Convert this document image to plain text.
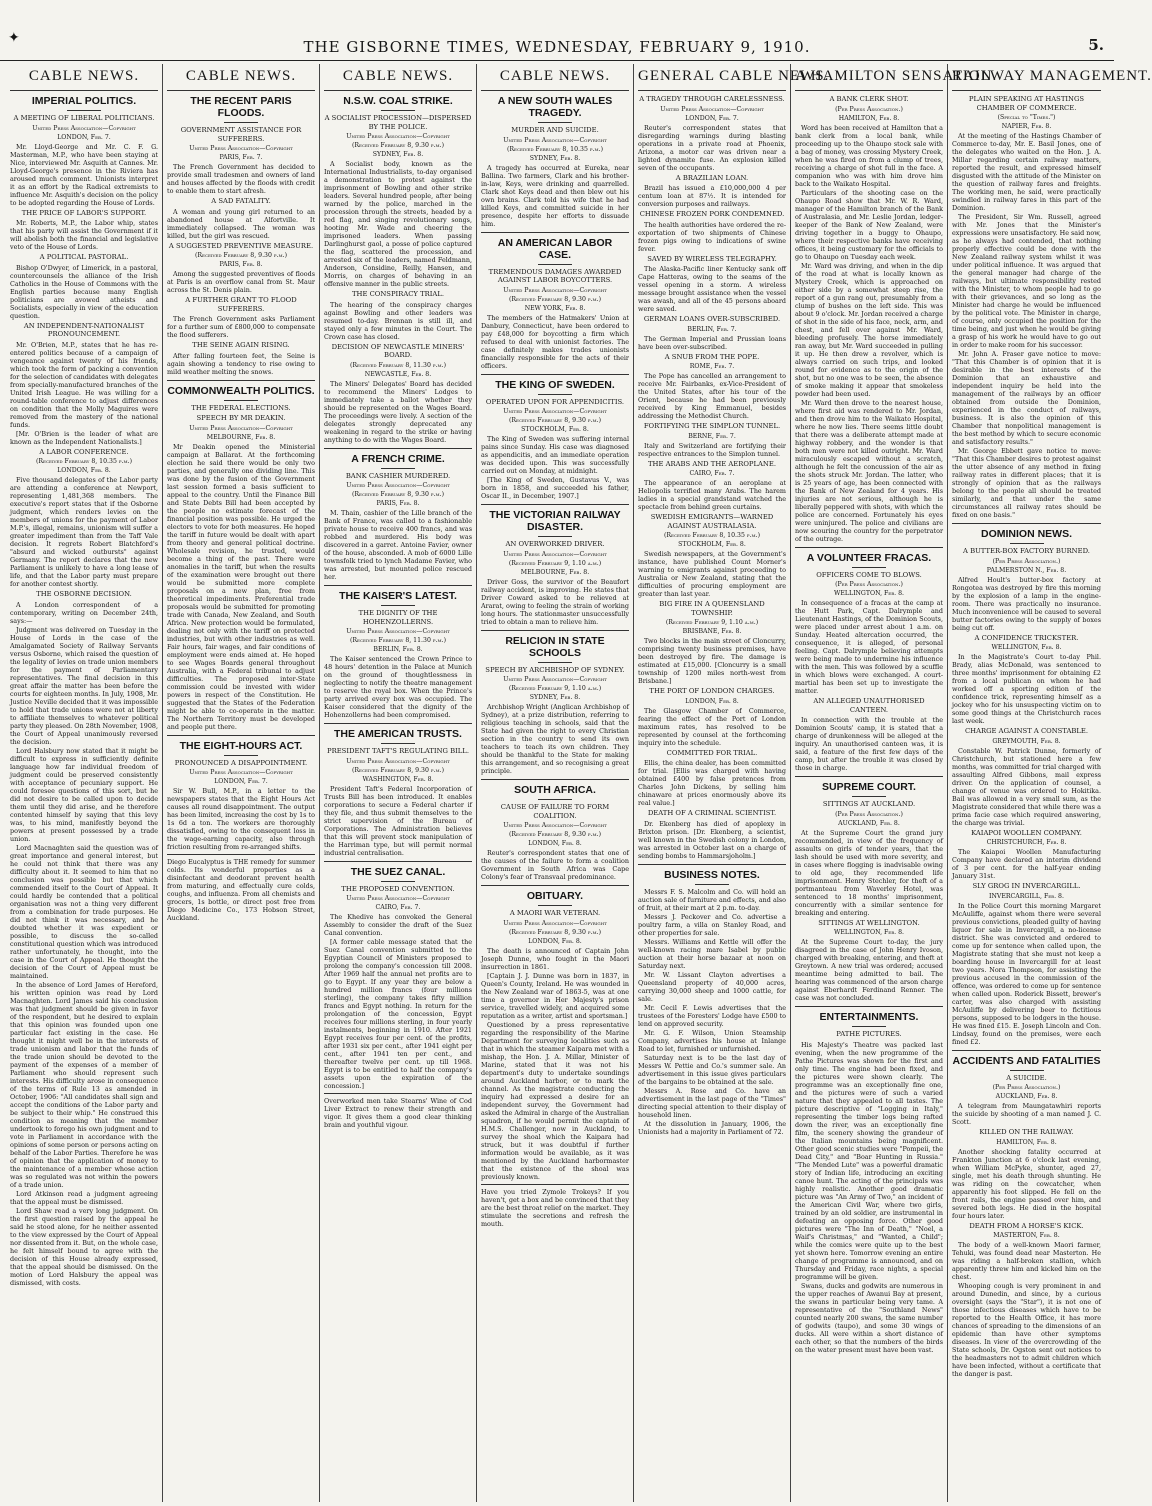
✦	THE GISBORNE TIMES, WEDNESDAY, FEBRUARY 9, 1910.	5.
CABLE NEWS.
IMPERIAL POLITICS.
A MEETING OF LIBERAL POLITICIANS.
United Press Association—Copyright
LONDON, Feb. 7.
Mr. Lloyd-George and Mr. C. F. G. Masterman, M.P., who have been staying at Nice, interviewed Mr. Asquith at Cannes. Mr. Lloyd-George's presence in the Riviera has aroused much comment. Unionists interpret it as an effort by the Radical extremists to influence Mr. Asquith's decision on the policy to be adopted regarding the House of Lords.
THE PRICE OF LABOR'S SUPPORT.
Mr. Roberts, M.P., the Labor whip, states that his party will assist the Government if it will abolish both the financial and legislative veto of the House of Lords.
A POLITICAL PASTORAL.
Bishop O'Dwyer, of Limerick, in a pastoral, countercounsels the alliance of the Irish Catholics in the House of Commons with the English parties because many English politicians are avowed atheists and Socialists, especially in view of the education question.
AN INDEPENDENT-NATIONALIST PRONOUNCEMENT.
Mr. O'Brien, M.P., states that he has re-entered politics because of a campaign of vengeance against twenty of his friends, which took the form of packing a convention for the selection of candidates with delegates from specially-manufactured branches of the United Irish League. He was willing for a round-table conference to adjust differences on condition that the Molly Maguires were removed from the mastery of the national funds.
[Mr. O'Brien is the leader of what are known as the Independent Nationalists.]
A LABOR CONFERENCE.
(Received February 8, 10.35 p.m.)
LONDON, Feb. 8.
Five thousand delegates of the Labor party are attending a conference at Newport, representing 1,481,368 members. The executive's report states that if the Osborne judgment, which renders levies on the members of unions for the payment of Labor M.P.'s, illegal, remains, unionism will suffer a greater impediment than from the Taff Vale decision. It regrets Robert Blatchford's "absurd and wicked outbursts" against Germany. The report declares that the new Parliament is unlikely to have a long lease of life, and that the Labor party must prepare for another contest shortly.
THE OSBORNE DECISION.
A London correspondent of a contemporary, writing on December 24th, says:—
Judgment was delivered on Tuesday in the House of Lords in the case of the Amalgamated Society of Railway Servants versus Osborne, which raised the question of the legality of levies on trade union members for the payment of Parliamentary representatives. The final decision in this great affair the matter has been before the courts for eighteen months. In July, 1908, Mr. Justice Neville decided that it was impossible to hold that trade unions were not at liberty to affiliate themselves to whatever political party they pleased. On 28th November, 1908, the Court of Appeal unanimously reversed the decision.
Lord Halsbury now stated that it might be difficult to express in sufficiently definite language how far individual freedom of judgment could be preserved consistently with acceptance of pecuniary support. He could foresee questions of this sort, but he did not desire to be called upon to decide them until they did arise, and he therefore contented himself by saying that this levy was, to his mind, manifestly beyond the powers at present possessed by a trade union.
Lord Macnaghten said the question was of great importance and general interest, but he could not think that there was any difficulty about it. It seemed to him that no conclusion was possible but that which commended itself to the Court of Appeal. It could hardly be contended that a political organisation was not a thing very different from a combination for trade purposes. He did not think it was necessary, and he doubted whether it was expedient or possible, to discuss the so-called constitutional question which was introduced rather unfortunately, he thought, into the case in the Court of Appeal. He thought the decision of the Court of Appeal must be maintained.
In the absence of Lord James of Hereford, his written opinion was read by Lord Macnaghten. Lord James said his conclusion was that judgment should be given in favor of the respondent, but he desired to explain that this opinion was founded upon one particular fact existing in the case. He thought it might well be in the interests of trade unionism and labor that the funds of the trade union should be devoted to the payment of the expenses of a member of Parliament who should represent such interests. His difficulty arose in consequence of the terms of Rule 13 as amended in October, 1906: "All candidates shall sign and accept the conditions of the Labor party and be subject to their whip." He construed this condition as meaning that the member undertook to forego his own judgment and to vote in Parliament in accordance with the opinions of some person or persons acting on behalf of the Labor Parties. Therefore he was of opinion that the application of money to the maintenance of a member whose action was so regulated was not within the powers of a trade union.
Lord Atkinson read a judgment agreeing that the appeal must be dismissed.
Lord Shaw read a very long judgment. On the first question raised by the appeal he said he stood alone, for he neither assented to the view expressed by the Court of Appeal nor dissented from it. But, on the whole case, he felt himself bound to agree with the decision of this House already expressed, that the appeal should be dismissed. On the motion of Lord Halsbury the appeal was dismissed, with costs.
CABLE NEWS.
THE RECENT PARIS FLOODS.
GOVERNMENT ASSISTANCE FOR SUFFERERS.
United Press Association—Copyright
PARIS, Feb. 7.
The French Government has decided to provide small tradesmen and owners of land and houses affected by the floods with credit to enable them to start afresh.
A SAD FATALITY.
A woman and young girl returned to an abandoned house at Alfortville. It immediately collapsed. The woman was killed, but the girl was rescued.
A SUGGESTED PREVENTIVE MEASURE.
(Received February 8, 9.30 p.m.)
PARIS, Feb. 8.
Among the suggested preventives of floods at Paris is an overflow canal from St. Maur across the St. Denis plain.
A FURTHER GRANT TO FLOOD SUFFERERS.
The French Government asks Parliament for a further sum of £800,000 to compensate the flood sufferers.
THE SEINE AGAIN RISING.
After falling fourteen feet, the Seine is again showing a tendency to rise owing to mild weather melting the snows.
COMMONWEALTH POLITICS.
THE FEDERAL ELECTIONS.
SPEECH BY MR DEAKIN.
United Press Association—Copyright
MELBOURNE, Feb. 8.
Mr Deakin opened the Ministerial campaign at Ballarat. At the forthcoming election he said there would be only two parties, and generally one dividing line. This was done by the fusion of the Government last session formed a basis sufficient to appeal to the country. Until the Finance Bill and State Debts Bill had been accepted by the people no estimate forecast of the financial position was possible. He urged the electors to vote for both measures. He hoped the tariff in future would be dealt with apart from theory and general political doctrine. Wholesale revision, he trusted, would become a thing of the past. There were anomalies in the tariff, but when the results of the examination were brought out there would be submitted more complete proposals on a new plan, free from theoretical impediments. Preferential trade proposals would be submitted for promoting trade with Canada, New Zealand, and South Africa. New protection would be formulated, dealing not only with the tariff on protected industries, but with other industries as well. Fair hours, fair wages, and fair conditions of employment were ends aimed at. He hoped to see Wages Boards general throughout Australia, with a Federal tribunal to adjust difficulties. The proposed inter-State commission could be invested with wider powers in respect of the Constitution. He suggested that the States of the Federation might be able to co-operate in the matter. The Northern Territory must be developed and people put there.
THE EIGHT-HOURS ACT.
PRONOUNCED A DISAPPOINTMENT.
United Press Association—Copyright
LONDON, Feb. 7.
Sir W. Bull, M.P., in a letter to the newspapers states that the Eight Hours Act causes all round disappointment. The output has been limited, increasing the cost by 1s to 1s 6d a ton. The workers are thoroughly dissatisfied, owing to the consequent loss in the wage-earning capacity, also through friction resulting from re-arranged shifts.
Diego Eucalyptus is THE remedy for summer colds. Its wonderful properties as a disinfectant and deodorant prevent health from maturing, and effectually cure colds, coughs, and influenza. From all chemists and grocers, 1s bottle, or direct post free from Diego Medicine Co., 173 Hobson Street, Auckland.
CABLE NEWS.
N.S.W. COAL STRIKE.
A SOCIALIST PROCESSION—DISPERSED BY THE POLICE.
United Press Association—Copyright
(Received February 8, 9.30 p.m.)
SYDNEY, Feb. 8.
A Socialist body, known as the International Industrialists, to-day organised a demonstration to protest against the imprisonment of Bowling and other strike leaders. Several hundred people, after being warned by the police, marched in the procession through the streets, headed by a red flag, and singing revolutionary songs, hooting Mr. Wade and cheering the imprisoned leaders. When passing Darlinghurst gaol, a posse of police captured the flag, scattered the procession, and arrested six of the leaders, named Feldmann, Anderson, Considine, Reilly, Hansen, and Morris, on charges of behaving in an offensive manner in the public streets.
THE CONSPIRACY TRIAL.
The hearing of the conspiracy charges against Bowling and other leaders was resumed to-day. Brennan is still ill, and stayed only a few minutes in the Court. The Crown case has closed.
DECISION OF NEWCASTLE MINERS' BOARD.
(Received February 8, 11.30 p.m.)
NEWCASTLE, Feb. 8.
The Miners' Delegates' Board has decided to recommend the Miners' Lodges to immediately take a ballot whether they should be represented on the Wages Board. The proceedings were lively. A section of the delegates strongly deprecated any weakening in regard to the strike or having anything to do with the Wages Board.
A FRENCH CRIME.
BANK CASHIER MURDERED.
United Press Association—Copyright
(Received February 8, 9.30 p.m.)
PARIS, Feb. 8.
M. Thain, cashier of the Lille branch of the Bank of France, was called to a fashionable private house to receive 400 francs, and was robbed and murdered. His body was discovered in a garret. Antoine Favier, owner of the house, absconded. A mob of 6000 Lille townsfolk tried to lynch Madame Favier, who was arrested, but mounted police rescued her.
THE KAISER'S LATEST.
THE DIGNITY OF THE HOHENZOLLERNS.
United Press Association—Copyright
(Received February 8, 11.30 p.m.)
BERLIN, Feb. 8.
The Kaiser sentenced the Crown Prince to 48 hours' detention in the Palace at Munich on the ground of thoughtlessness in neglecting to notify the theatre management to reserve the royal box. When the Prince's party arrived every box was occupied. The Kaiser considered that the dignity of the Hohenzollerns had been compromised.
THE AMERICAN TRUSTS.
PRESIDENT TAFT'S REGULATING BILL.
United Press Association—Copyright
(Received February 8, 9.30 p.m.)
WASHINGTON, Feb. 8.
President Taft's Federal Incorporation of Trusts Bill has been introduced. It enables corporations to secure a Federal charter if they file, and thus submit themselves to the strict supervision of the Bureau of Corporations. The Administration believes that this will prevent stock manipulation of the Harriman type, but will permit normal industrial centralisation.
THE SUEZ CANAL.
THE PROPOSED CONVENTION.
United Press Association—Copyright
CAIRO, Feb. 7.
The Khedive has convoked the General Assembly to consider the draft of the Suez Canal convention.
[A former cable message stated that the Suez Canal convention submitted to the Egyptian Council of Ministers proposed to prolong the company's concession till 2008. After 1969 half the annual net profits are to go to Egypt. If any year they are below a hundred million francs (four millions sterling), the company takes fifty million francs and Egypt nothing. In return for the prolongation of the concession, Egypt receives four millions sterling, in four yearly instalments, beginning in 1910. After 1921 Egypt receives four per cent. of the profits, after 1931 six per cent., after 1941 eight per cent., after 1941 ten per cent., and thereafter twelve per cent. up till 1968. Egypt is to be entitled to half the company's assets upon the expiration of the concession.]
Overworked men take Stearns' Wine of Cod Liver Extract to renew their strength and vigor. It gives them a good clear thinking brain and youthful vigour.
CABLE NEWS.
A NEW SOUTH WALES TRAGEDY.
MURDER AND SUICIDE.
United Press Association—Copyright
(Received February 8, 10.35 p.m.)
SYDNEY, Feb. 8.
A tragedy has occurred at Eureka, near Ballina. Two farmers, Clark and his brother-in-law, Keys, were drinking and quarrelled. Clark shot Keys dead and then blew out his own brains. Clark told his wife that he had killed Keys, and committed suicide in her presence, despite her efforts to dissuade him.
AN AMERICAN LABOR CASE.
TREMENDOUS DAMAGES AWARDED AGAINST LABOR BOYCOTTERS.
United Press Association—Copyright
(Received February 8, 9.30 p.m.)
NEW YORK, Feb. 8.
The members of the Hatmakers' Union at Danbury, Connecticut, have been ordered to pay £48,000 for boycotting a firm which refused to deal with unionist factories. The case definitely makes trades unionists financially responsible for the acts of their officers.
THE KING OF SWEDEN.
OPERATED UPON FOR APPENDICITIS.
United Press Association—Copyright
(Received February 8, 9.30 p.m.)
STOCKHOLM, Feb. 8.
The King of Sweden was suffering internal pains since Sunday. His case was diagnosed as appendicitis, and an immediate operation was decided upon. This was successfully carried out on Monday, at midnight.
[The King of Sweden, Gustavus V., was born in 1858, and succeeded his father, Oscar II., in December, 1907.]
THE VICTORIAN RAILWAY DISASTER.
AN OVERWORKED DRIVER.
United Press Association—Copyright
(Received February 9, 1.10 a.m.)
MELBOURNE, Feb. 8.
Driver Goss, the survivor of the Beaufort railway accident, is improving. He states that Driver Coward asked to be relieved at Ararat, owing to feeling the strain of working long hours. The stationmaster unsuccessfully tried to obtain a man to relieve him.
RELICION IN STATE SCHOOLS
SPEECH BY ARCHBISHOP OF SYDNEY.
United Press Association—Copyright
(Received February 9, 1.10 a.m.)
SYDNEY, Feb. 8.
Archbishop Wright (Anglican Archbishop of Sydney), at a prize distribution, referring to religious teaching in schools, said that the State had given the right to every Christian section in the country to send its own teachers to teach its own children. They should be thankful to the State for making this arrangement, and so recognising a great principle.
SOUTH AFRICA.
CAUSE OF FAILURE TO FORM COALITION.
United Press Association—Copyright
(Received February 8, 9.30 p.m.)
LONDON, Feb. 8.
Reuter's correspondent states that one of the causes of the failure to form a coalition Government in South Africa was Cape Colony's fear of Transvaal predominance.
OBITUARY.
A MAORI WAR VETERAN.
United Press Association—Copyright
(Received February 8, 9.30 p.m.)
LONDON, Feb. 8.
The death is announced of Captain John Joseph Dunne, who fought in the Maori insurrection in 1861.
[Captain J. J. Dunne was born in 1837, in Queen's County, Ireland. He was wounded in the New Zealand war of 1863-5, was at one time a governor in Her Majesty's prison service, travelled widely, and acquired some reputation as a writer, artist and sportsman.]
Questioned by a press representative regarding the responsibility of the Marine Department for surveying localities such as that in which the steamer Kaipara met with a mishap, the Hon. J. A. Millar, Minister of Marine, stated that it was not his department's duty to undertake soundings around Auckland harbor, or to mark the channel. As the magistrate conducting the inquiry had expressed a desire for an independent survey, the Government had asked the Admiral in charge of the Australian squadron, if he would permit the captain of H.M.S. Challenger, now in Auckland, to survey the shoal which the Kaipara had struck, but it was doubtful if further information would be available, as it was mentioned by the Auckland harbormaster that the existence of the shoal was previously known.
Have you tried Zymole Trokeys? If you haven't, get a box and be convinced that they are the best throat relief on the market. They stimulate the secretions and refresh the mouth.
GENERAL CABLE NEWS.
A TRAGEDY THROUGH CARELESSNESS.
United Press Association—Copyright
LONDON, Feb. 7.
Reuter's correspondent states that disregarding warnings during blasting operations in a private road at Phoenix, Arizona, a motor car was driven near a lighted dynamite fuse. An explosion killed seven of the occupants.
A BRAZILIAN LOAN.
Brazil has issued a £10,000,000 4 per centum loan at 87½. It is intended for conversion purposes and railways.
CHINESE FROZEN PORK CONDEMNED.
The health authorities have ordered the re-exportation of two shipments of Chinese frozen pigs owing to indications of swine fever.
SAVED BY WIRELESS TELEGRAPHY.
The Alaska-Pacific liner Kentucky sank off Cape Hatteras, owing to the seams of the vessel opening in a storm. A wireless message brought assistance when the vessel was awash, and all of the 45 persons aboard were saved.
GERMAN LOANS OVER-SUBSCRIBED.
BERLIN, Feb. 7.
The German Imperial and Prussian loans have been over-subscribed.
A SNUB FROM THE POPE.
ROME, Feb. 7.
The Pope has cancelled an arrangement to receive Mr. Fairbanks, ex-Vice-President of the United States, after his tour of the Orient, because he had been previously received by King Emmanuel, besides addressing the Methodist Church.
FORTIFYING THE SIMPLON TUNNEL.
BERNE, Feb. 7.
Italy and Switzerland are fortifying their respective entrances to the Simplon tunnel.
THE ARABS AND THE AEROPLANE.
CAIRO, Feb. 7.
The appearance of an aeroplane at Heliopolis terrified many Arabs. The harem ladies in a special grandstand watched the spectacle from behind green curtains.
SWEDISH EMIGRANTS—WARNED AGAINST AUSTRALASIA.
(Received February 8, 10.35 p.m.)
STOCKHOLM, Feb. 8.
Swedish newspapers, at the Government's instance, have published Count Morner's warning to emigrants against proceeding to Australia or New Zealand, stating that the difficulties of procuring employment are greater than last year.
BIG FIRE IN A QUEENSLAND TOWNSHIP.
(Received February 9, 1.10 a.m.)
BRISBANE, Feb. 8.
Two blocks in the main street of Cloncurry, comprising twenty business premises, have been destroyed by fire. The damage is estimated at £15,000. [Cloncurry is a small township of 1200 miles north-west from Brisbane.]
THE PORT OF LONDON CHARGES.
LONDON, Feb. 8.
The Glasgow Chamber of Commerce, fearing the effect of the Port of London maximum rates, has resolved to be represented by counsel at the forthcoming inquiry into the schedule.
COMMITTED FOR TRIAL.
Ellis, the china dealer, has been committed for trial. [Ellis was charged with having obtained £400 by false pretences from Charles John Dickens, by selling him chinaware at prices enormously above its real value.]
DEATH OF A CRIMINAL SCIENTIST.
Dr. Ekenberg has died of apoplexy in Brixton prison. [Dr. Ekenberg, a scientist, well known in the Swedish colony in London, was arrested in October last on a charge of sending bombs to Hammarsjoholm.]
BUSINESS NOTES.
Messrs F. S. Malcolm and Co. will hold an auction sale of furniture and effects, and also of fruit, at their mart at 2 p.m. to-day.
Messrs J. Peckover and Co. advertise a poultry farm, a villa on Stanley Road, and other properties for sale.
Messrs. Williams and Kettle will offer the well-known racing mare Isabel by public auction at their horse bazaar at noon on Saturday next.
Mr. W. Lissant Clayton advertises a Queensland property of 40,000 acres, carrying 30,000 sheep and 1000 cattle, for sale.
Mr. Cecil F. Lewis advertises that the trustees of the Foresters' Lodge have £500 to lend on approved security.
Mr. G. F. Wilson, Union Steamship Company, advertises his house at Inlange Road to let, furnished or unfurnished.
Saturday next is to be the last day of Messrs W. Pettie and Co.'s summer sale. An advertisement in this issue gives particulars of the bargains to be obtained at the sale.
Messrs A. Rose and Co. have an advertisement in the last page of the "Times" directing special attention to their display of household linen.
At the dissolution in January, 1906, the Unionists had a majority in Parliament of 72.
A HAMILTON SENSATION.
A BANK CLERK SHOT.
(Per Press Association.)
HAMILTON, Feb. 8.
Word has been received at Hamilton that a bank clerk from a local bank, while proceeding up to the Ohaupo stock sale with a bag of money, was crossing Mystery Creek, when he was fired on from a clump of trees, receiving a charge of shot full in the face. A companion who was with him drove him back to the Waikato Hospital.
Particulars of the shooting case on the Ohaupo Road show that Mr. W. R. Ward, manager of the Hamilton branch of the Bank of Australasia, and Mr. Leslie Jordan, ledger-keeper of the Bank of New Zealand, were driving together in a buggy to Ohaupo, where their respective banks have receiving offices, it being customary for the officials to go to Ohaupo on Tuesday each week.
Mr. Ward was driving, and when in the dip of the road at what is locally known as Mystery Creek, which is approached on either side by a somewhat steep rise, the report of a gun rang out, presumably from a clump of bushes on the left side. This was about 9 o'clock. Mr. Jordan received a charge of shot in the side of his face, neck, arm, and chest, and fell over against Mr. Ward, bleeding profusely. The horse immediately ran away, but Mr. Ward succeeded in pulling it up. He then drew a revolver, which is always carried on such trips, and looked round for evidence as to the origin of the shot, but no one was to be seen, the absence of smoke making it appear that smokeless powder had been used.
Mr. Ward then drove to the nearest house, where first aid was rendered to Mr. Jordan, and then drove him to the Waikato Hospital, where he now lies. There seems little doubt that there was a deliberate attempt made at highway robbery, and the wonder is that both men were not killed outright. Mr. Ward miraculously escaped without a scratch, although he felt the concussion of the air as the shots struck Mr. Jordan. The latter, who is 25 years of age, has been connected with the Bank of New Zealand for 4 years. His injuries are not serious, although he is liberally peppered with shots, with which the police are concerned. Fortunately his eyes were uninjured. The police and civilians are now scouring the country for the perpetrator of the outrage.
A VOLUNTEER FRACAS.
OFFICERS COME TO BLOWS.
(Per Press Association.)
WELLINGTON, Feb. 8.
In consequence of a fracas at the camp at the Hutt Park, Capt. Dalrymple and Lieutenant Hastings, of the Dominion Scouts, were placed under arrest about 1 a.m. on Sunday. Heated altercation occurred, the consequence, it is alleged, of personal feeling. Capt. Dalrymple believing attempts were being made to undermine his influence with the men. This was followed by a scuffle in which blows were exchanged. A court-martial has been set up to investigate the matter.
AN ALLEGED UNAUTHORISED CANTEEN.
In connection with the trouble at the Dominion Scouts' camp, it is stated that a charge of drunkenness will be alleged at the inquiry. An unauthorised canteen was, it is said, a feature of the first few days of the camp, but after the trouble it was closed by those in charge.
SUPREME COURT.
SITTINGS AT AUCKLAND.
(Per Press Association.)
AUCKLAND, Feb. 8.
At the Supreme Court the grand jury recommended, in view of the frequency of assaults on girls of tender years, that the lash should be used with more severity, and in cases where flogging is inadvisable owing to old age, they recommended life imprisonment. Henry Stechler, for theft of a portmanteau from Waverley Hotel, was sentenced to 18 months' imprisonment, concurrently with a similar sentence for breaking and entering.
SITTINGS AT WELLINGTON.
WELLINGTON, Feb. 8.
At the Supreme Court to-day, the jury disagreed in the case of John Henry Ivoson, charged with breaking, entering, and theft at Greytown. A new trial was ordered; accused meantime being admitted to bail. The hearing was commenced of the arson charge against Eberhardt Ferdinand Renner. The case was not concluded.
ENTERTAINMENTS.
PATHE PICTURES.
His Majesty's Theatre was packed last evening, when the new programme of the Pathe Pictures was shown for the first and only time. The engine had been fixed, and the pictures were shown clearly. The programme was an exceptionally fine one, and the pictures were of such a varied nature that they appealed to all tastes. The picture descriptive of "Logging in Italy," representing the timber logs being rafted down the river, was an exceptionally fine film, the scenery showing the grandeur of the Italian mountains being magnificent. Other good scenic studies were "Pompeii, the Dead City," and "Boar Hunting in Russia." "The Mended Lute" was a powerful dramatic story of Indian life, introducing an exciting canoe hunt. The acting of the principals was highly realistic. Another good dramatic picture was "An Army of Two," an incident of the American Civil War, where two girls, trained by an old soldier, are instrumental in defeating an opposing force. Other good pictures were "The Inn of Death," "Noel, a Waif's Christmas," and "Wanted, a Child"; while the comics were quite up to the best yet shown here. Tomorrow evening an entire change of programme is announced, and on Thursday and Friday, race nights, a special programme will be given.
Swans, ducks and godwits are numerous in the upper reaches of Awanui Bay at present, the swans in particular being very tame. A representative of the "Southland News" counted nearly 200 swans, the same number of godwits (taupo), and some 30 wings of ducks. All were within a short distance of each other, so that the numbers of the birds on the water present must have been vast.
RAILWAY MANAGEMENT.
PLAIN SPEAKING AT HASTINGS CHAMBER OF COMMERCE.
(Special to "Times.")
NAPIER, Feb. 8.
At the meeting of the Hastings Chamber of Commerce to-day, Mr. E. Basil Jones, one of the delegates who waited on the Hon. J. A. Millar regarding certain railway matters, reported the result, and expressed himself disgusted with the attitude of the Minister on the question of railway fares and freights. The working men, he said, were practically swindled in railway fares in this part of the Dominion.
The President, Sir Wm. Russell, agreed with Mr. Jones that the Minister's expressions were unsatisfactory. He said now, as he always had contended, that nothing properly effective could be done with the New Zealand railway system whilst it was under political influence. It was argued that the general manager had charge of the railways, but ultimate responsibility rested with the Minister, to whom people had to go with their grievances, and so long as the Minister had charge he would be influenced by the political vote. The Minister in charge, of course, only occupied the position for the time being, and just when he would be giving a grasp of his work he would have to go out in order to make room for his successor.
Mr. John A. Fraser gave notice to move: "That this Chamber is of opinion that it is desirable in the best interests of the Dominion that an exhaustive and independent inquiry be held into the management of the railways by an officer obtained from outside the Dominion, experienced in the conduct of railways, business. It is also the opinion of this Chamber that nonpolitical management is the best method by which to secure economic and satisfactory results."
Mr. George Ebbett gave notice to move: "That this Chamber desires to protest against the utter absence of any method in fixing railway rates in different places; that it is strongly of opinion that as the railways belong to the people all should be treated similarly, and that under the same circumstances all railway rates should be fixed on one basis."
DOMINION NEWS.
A BUTTER-BOX FACTORY BURNED.
(Per Press Association.)
PALMERSTON N., Feb. 8.
Alfred Hoult's butter-box factory at Rongotea was destroyed by fire this morning by the explosion of a lamp in the engine-room. There was practically no insurance. Much inconvenience will be caused to several butter factories owing to the supply of boxes being cut off.
A CONFIDENCE TRICKSTER.
WELLINGTON, Feb. 8.
In the Magistrate's Court to-day Phil. Brady, alias McDonald, was sentenced to three months' imprisonment for obtaining £2 from a local publican on whom he had worked off a sporting edition of the confidence trick, representing himself as a jockey who for his unsuspecting victim on to some good things at the Christchurch races last week.
CHARGE AGAINST A CONSTABLE.
GREYMOUTH, Feb. 8.
Constable W. Patrick Dunne, formerly of Christchurch, but stationed here a few months, was committed for trial charged with assaulting Alfred Gibbons, mail express driver. On the application of counsel, a change of venue was ordered to Hokitika. Bail was allowed in a very small sum, as the Magistrate considered that while there was a prima facie case which required answering, the charge was trivial.
KAIAPOI WOOLLEN COMPANY.
CHRISTCHURCH, Feb. 8.
The Kaiapoi Woollen Manufacturing Company have declared an interim dividend of 3 per cent. for the half-year ending January 31st.
SLY GROG IN INVERCARGILL.
INVERCARGILL, Feb. 8.
In the Police Court this morning Margaret McAuliffe, against whom there were several previous convictions, pleaded guilty of having liquor for sale in Invercargill, a no-license district. She was convicted and ordered to come up for sentence when called upon, the Magistrate stating that she must not keep a boarding house in Invercargill for at least two years. Nora Thompson, for assisting the previous accused in the commission of the offence, was ordered to come up for sentence when called upon. Roderick Bissett, brewer's carter, was also charged with assisting McAuliffe by delivering beer to fictitious persons, supposed to be lodgers in the house. He was fined £15. E. Joseph Lincoln and Con. Lindsay, found on the premises, were each fined £2.
ACCIDENTS AND FATALITIES
A SUICIDE.
(Per Press Association.)
AUCKLAND, Feb. 8.
A telegram from Maungatawhiri reports the suicide by shooting of a man named J. C. Scott.
KILLED ON THE RAILWAY.
HAMILTON, Feb. 8.
Another shocking fatality occurred at Frankton Junction at 6 o'clock last evening, when William McPyke, shunter, aged 27, single, met his death through shunting. He was riding on the cowcatcher, when apparently his foot slipped. He fell on the front rails, the engine passed over him, and severed both legs. He died in the hospital four hours later.
DEATH FROM A HORSE'S KICK.
MASTERTON, Feb. 8.
The body of a well-known Maori farmer, Tehuki, was found dead near Masterton. He was riding a half-broken stallion, which apparently threw him and kicked him on the chest.
Whooping cough is very prominent in and around Dunedin, and since, by a curious oversight (says the "Star"), it is not one of those infectious diseases which have to be reported to the Health Office, it has more chances of spreading to the dimensions of an epidemic than have other symptoms diseases. In view of the overcrowding of the State schools, Dr. Ogston sent out notices to the headmasters not to admit children which have been infected, without a certificate that the danger is past.
